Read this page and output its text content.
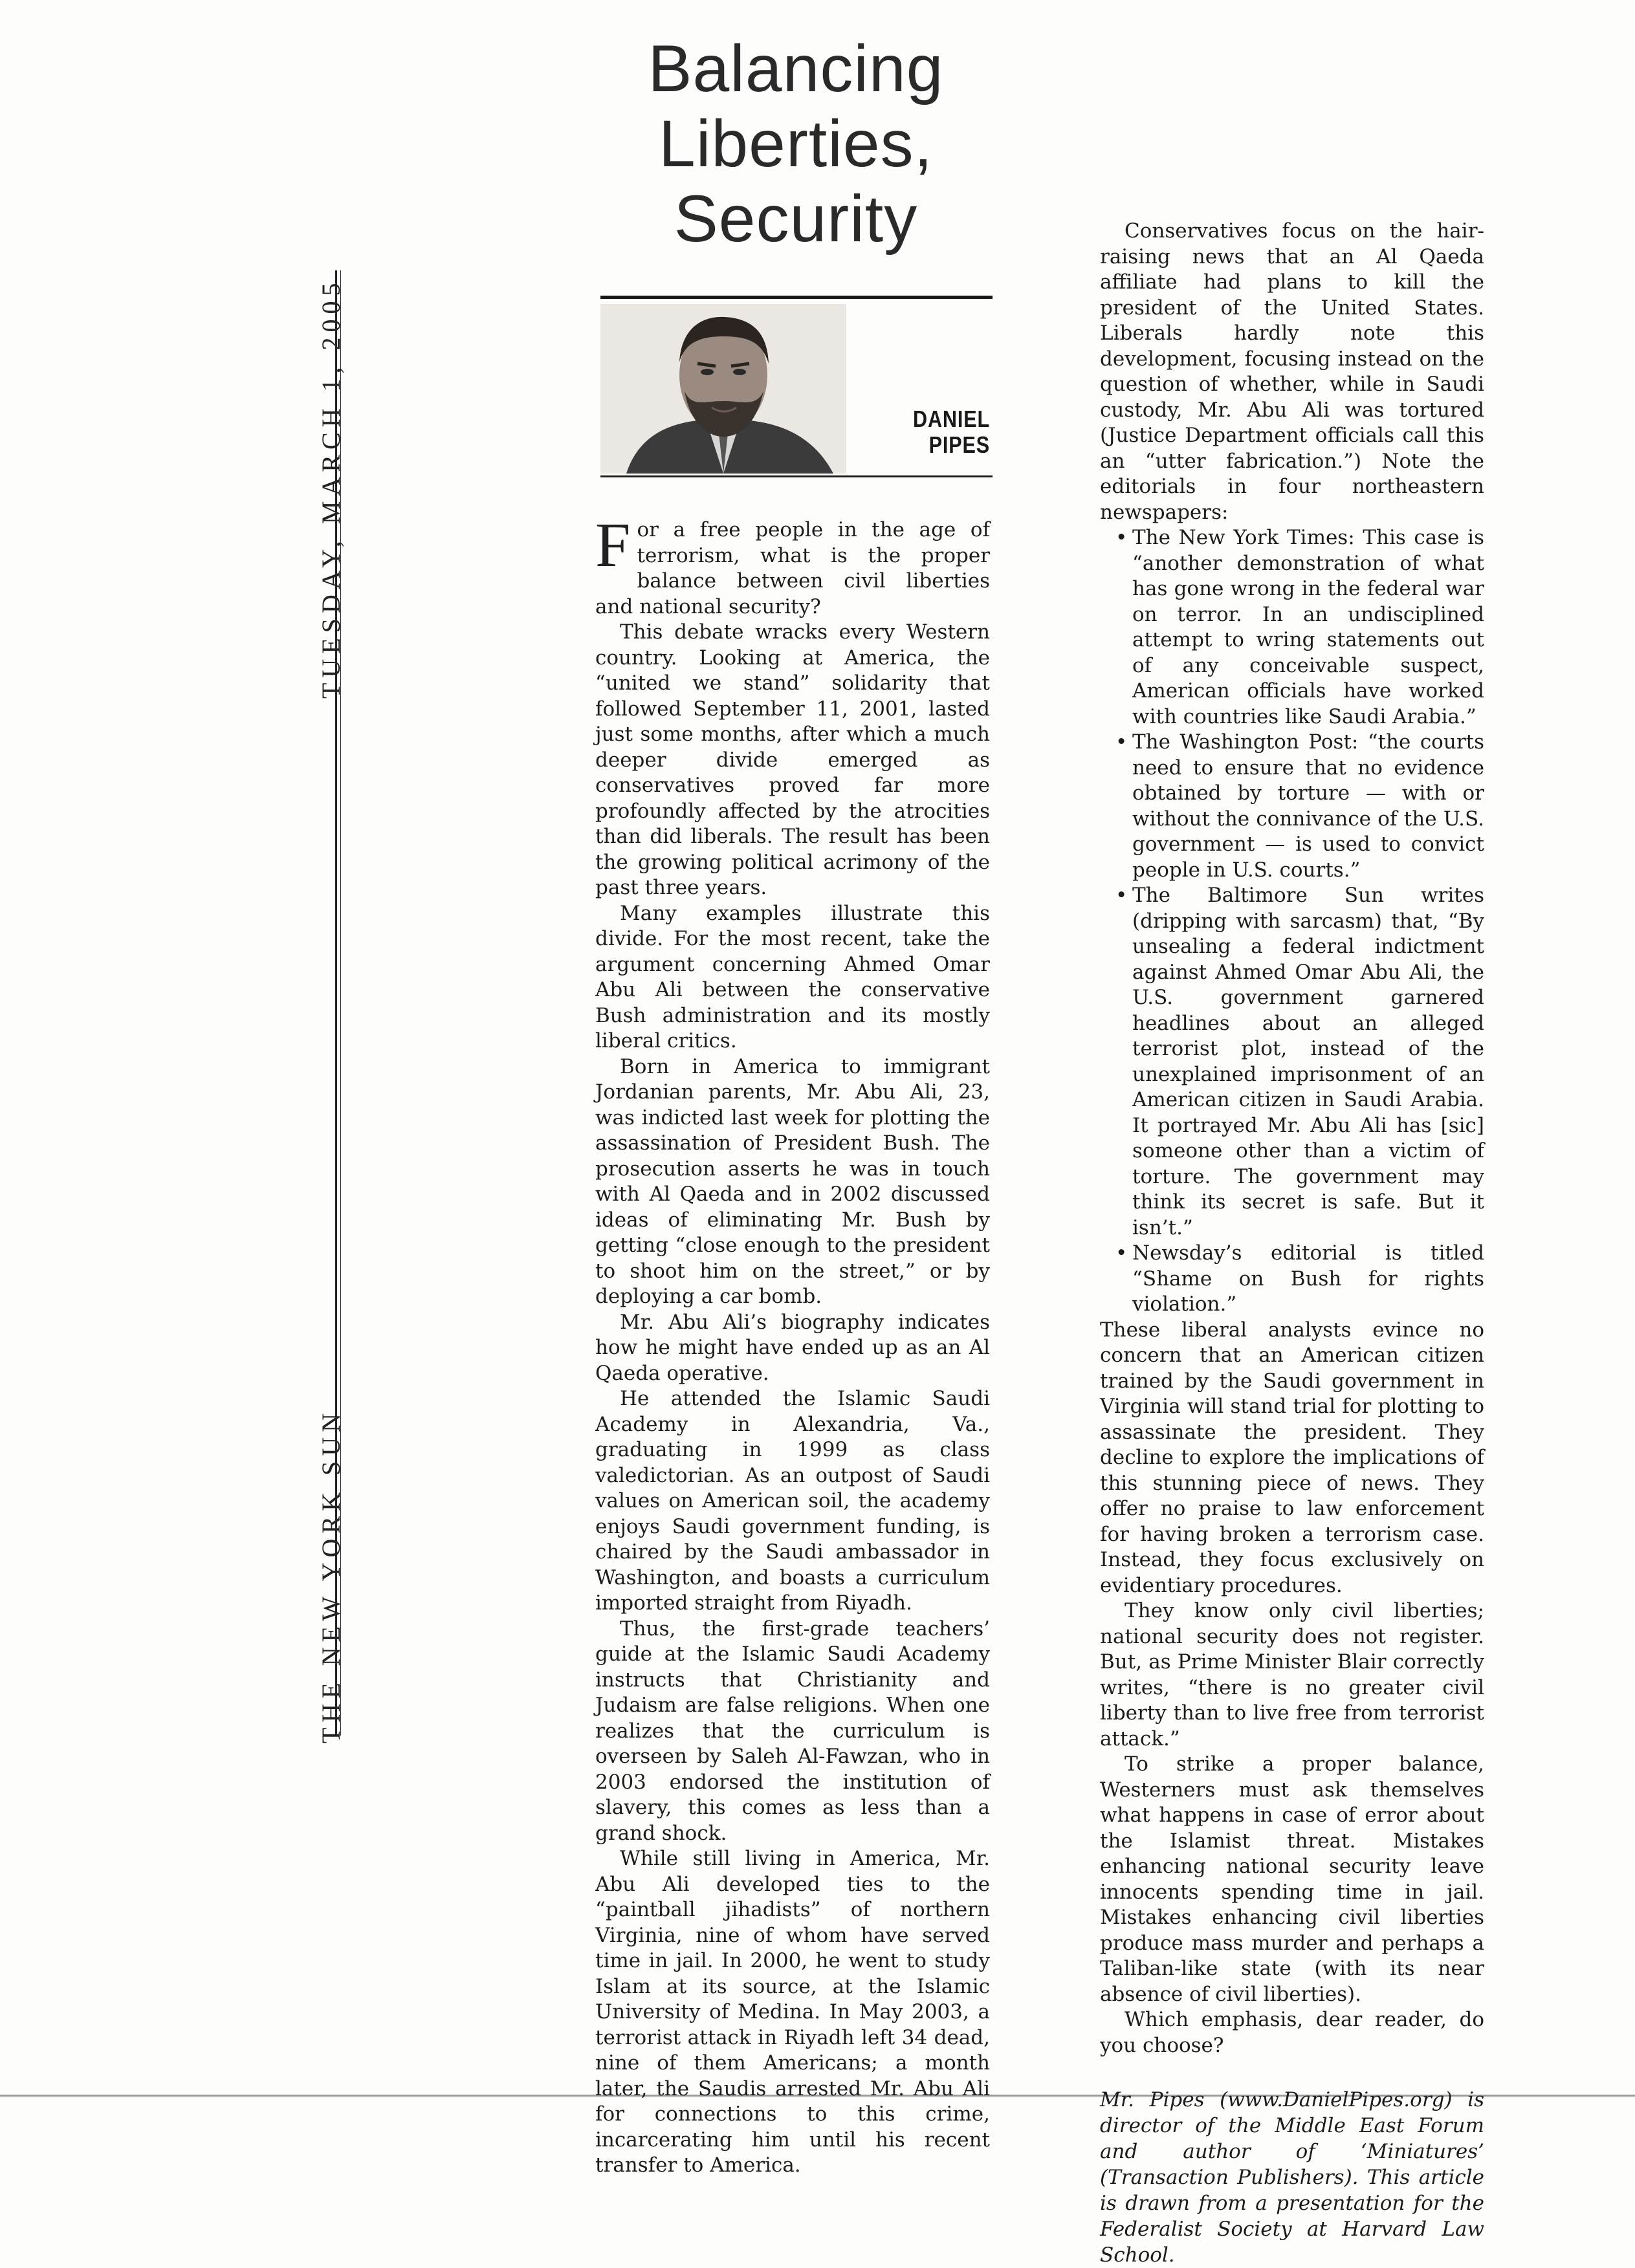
TUESDAY, MARCH 1, 2005
THE NEW YORK SUN
Balancing
Liberties,
Security
DANIEL
PIPES

For a free people in the age of terrorism, what is the proper balance between civil liberties and national security?

This debate wracks every Western country. Looking at America, the “united we stand” solidarity that followed September 11, 2001, lasted just some months, after which a much deeper divide emerged as conservatives proved far more profoundly affected by the atrocities than did liberals. The result has been the growing political acrimony of the past three years.

Many examples illustrate this divide. For the most recent, take the argument concerning Ahmed Omar Abu Ali between the conservative Bush administration and its mostly liberal critics.

Born in America to immigrant Jordanian parents, Mr. Abu Ali, 23, was indicted last week for plotting the assassination of President Bush. The prosecution asserts he was in touch with Al Qaeda and in 2002 discussed ideas of eliminating Mr. Bush by getting “close enough to the president to shoot him on the street,” or by deploying a car bomb.

Mr. Abu Ali’s biography indicates how he might have ended up as an Al Qaeda operative.

He attended the Islamic Saudi Academy in Alexandria, Va., graduating in 1999 as class valedictorian. As an outpost of Saudi values on American soil, the academy enjoys Saudi government funding, is chaired by the Saudi ambassador in Washington, and boasts a curriculum imported straight from Riyadh.

Thus, the first-grade teachers’ guide at the Islamic Saudi Academy instructs that Christianity and Judaism are false religions. When one realizes that the curriculum is overseen by Saleh Al-Fawzan, who in 2003 endorsed the institution of slavery, this comes as less than a grand shock.

While still living in America, Mr. Abu Ali developed ties to the “paintball jihadists” of northern Virginia, nine of whom have served time in jail. In 2000, he went to study Islam at its source, at the Islamic University of Medina. In May 2003, a terrorist attack in Riyadh left 34 dead, nine of them Americans; a month later, the Saudis arrested Mr. Abu Ali for connections to this crime, incarcerating him until his recent transfer to America.

Conservatives focus on the hair-raising news that an Al Qaeda affiliate had plans to kill the president of the United States. Liberals hardly note this development, focusing instead on the question of whether, while in Saudi custody, Mr. Abu Ali was tortured (Justice Department officials call this an “utter fabrication.”) Note the editorials in four northeastern newspapers:

• The New York Times: This case is “another demonstration of what has gone wrong in the federal war on terror. In an undisciplined attempt to wring statements out of any conceivable suspect, American officials have worked with countries like Saudi Arabia.”
• The Washington Post: “the courts need to ensure that no evidence obtained by torture — with or without the connivance of the U.S. government — is used to convict people in U.S. courts.”
• The Baltimore Sun writes (dripping with sarcasm) that, “By unsealing a federal indictment against Ahmed Omar Abu Ali, the U.S. government garnered headlines about an alleged terrorist plot, instead of the unexplained imprisonment of an American citizen in Saudi Arabia. It portrayed Mr. Abu Ali has [sic] someone other than a victim of torture. The government may think its secret is safe. But it isn’t.”
• Newsday’s editorial is titled “Shame on Bush for rights violation.”

These liberal analysts evince no concern that an American citizen trained by the Saudi government in Virginia will stand trial for plotting to assassinate the president. They decline to explore the implications of this stunning piece of news. They offer no praise to law enforcement for having broken a terrorism case. Instead, they focus exclusively on evidentiary procedures.

They know only civil liberties; national security does not register. But, as Prime Minister Blair correctly writes, “there is no greater civil liberty than to live free from terrorist attack.”

To strike a proper balance, Westerners must ask themselves what happens in case of error about the Islamist threat. Mistakes enhancing national security leave innocents spending time in jail. Mistakes enhancing civil liberties produce mass murder and perhaps a Taliban-like state (with its near absence of civil liberties).

Which emphasis, dear reader, do you choose?

Mr. Pipes (www.DanielPipes.org) is director of the Middle East Forum and author of ‘Miniatures’ (Transaction Publishers). This article is drawn from a presentation for the Federalist Society at Harvard Law School.
